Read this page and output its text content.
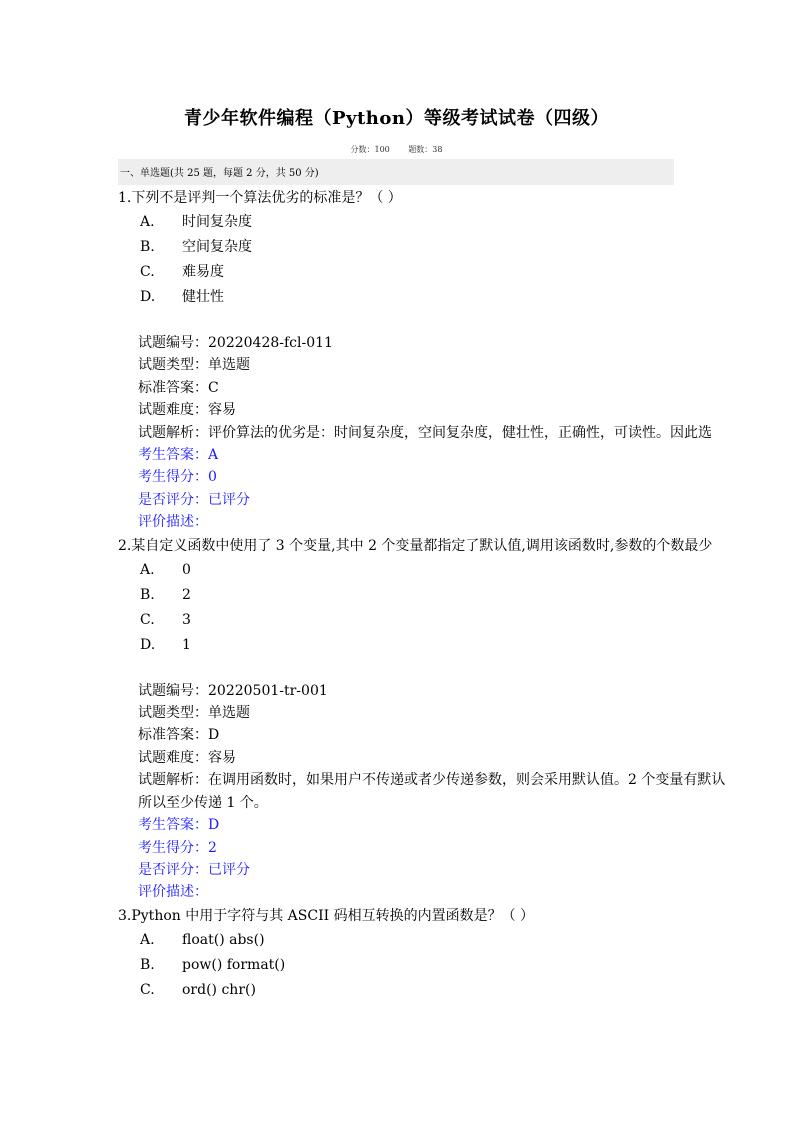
青少年软件编程（Python）等级考试试卷（四级）
分数：100 题数：38
一、单选题(共 25 题，每题 2 分，共 50 分)
1.下列不是评判一个算法优劣的标准是？（ ）
A. 时间复杂度
B. 空间复杂度
C. 难易度
D. 健壮性
试题编号：20220428-fcl-011
试题类型：单选题
标准答案：C
试题难度：容易
试题解析：评价算法的优劣是：时间复杂度，空间复杂度，健壮性，正确性，可读性。因此选
考生答案：A
考生得分：0
是否评分：已评分
评价描述：
2.某自定义函数中使用了 3 个变量,其中 2 个变量都指定了默认值,调用该函数时,参数的个数最少
A. 0
B. 2
C. 3
D. 1
试题编号：20220501-tr-001
试题类型：单选题
标准答案：D
试题难度：容易
试题解析：在调用函数时，如果用户不传递或者少传递参数，则会采用默认值。2 个变量有默认
所以至少传递 1 个。
考生答案：D
考生得分：2
是否评分：已评分
评价描述：
3.Python 中用于字符与其 ASCII 码相互转换的内置函数是？（ ）
A. float() abs()
B. pow() format()
C. ord() chr()
